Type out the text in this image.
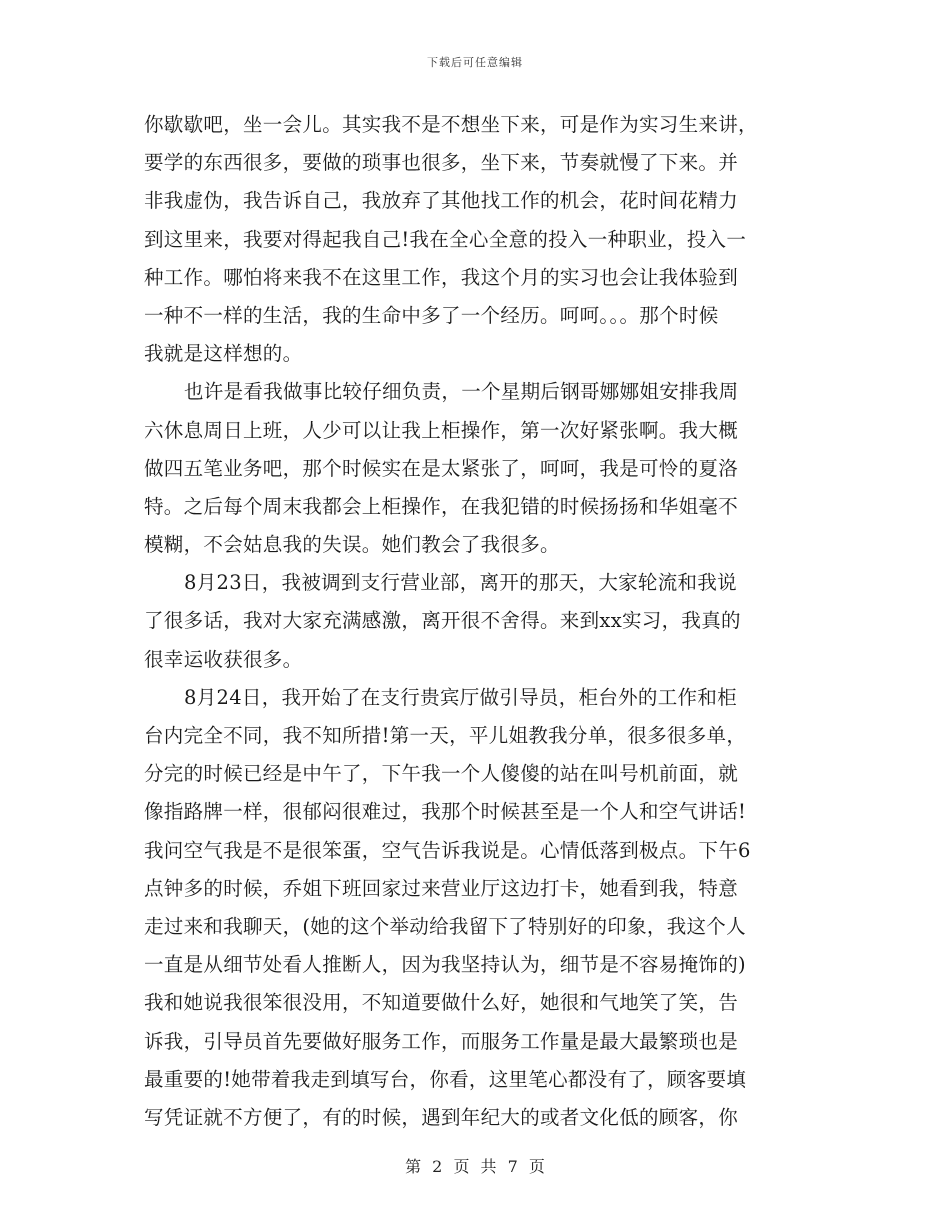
下载后可任意编辑
你歇歇吧，坐一会儿。其实我不是不想坐下来，可是作为实习生来讲，
要学的东西很多，要做的琐事也很多，坐下来，节奏就慢了下来。并
非我虚伪，我告诉自己，我放弃了其他找工作的机会，花时间花精力
到这里来，我要对得起我自己!我在全心全意的投入一种职业，投入一
种工作。哪怕将来我不在这里工作，我这个月的实习也会让我体验到
一种不一样的生活，我的生命中多了一个经历。呵呵。。。那个时候
我就是这样想的。
也许是看我做事比较仔细负责，一个星期后钢哥娜娜姐安排我周
六休息周日上班，人少可以让我上柜操作，第一次好紧张啊。我大概
做四五笔业务吧，那个时候实在是太紧张了，呵呵，我是可怜的夏洛
特。之后每个周末我都会上柜操作，在我犯错的时候扬扬和华姐毫不
模糊，不会姑息我的失误。她们教会了我很多。
8月23日，我被调到支行营业部，离开的那天，大家轮流和我说
了很多话，我对大家充满感激，离开很不舍得。来到xx实习，我真的
很幸运收获很多。
8月24日，我开始了在支行贵宾厅做引导员，柜台外的工作和柜
台内完全不同，我不知所措!第一天，平儿姐教我分单，很多很多单，
分完的时候已经是中午了，下午我一个人傻傻的站在叫号机前面，就
像指路牌一样，很郁闷很难过，我那个时候甚至是一个人和空气讲话!
我问空气我是不是很笨蛋，空气告诉我说是。心情低落到极点。下午6
点钟多的时候，乔姐下班回家过来营业厅这边打卡，她看到我，特意
走过来和我聊天，(她的这个举动给我留下了特别好的印象，我这个人
一直是从细节处看人推断人，因为我坚持认为，细节是不容易掩饰的)
我和她说我很笨很没用，不知道要做什么好，她很和气地笑了笑，告
诉我，引导员首先要做好服务工作，而服务工作量是最大最繁琐也是
最重要的!她带着我走到填写台，你看，这里笔心都没有了，顾客要填
写凭证就不方便了，有的时候，遇到年纪大的或者文化低的顾客，你
第 2 页 共 7 页
